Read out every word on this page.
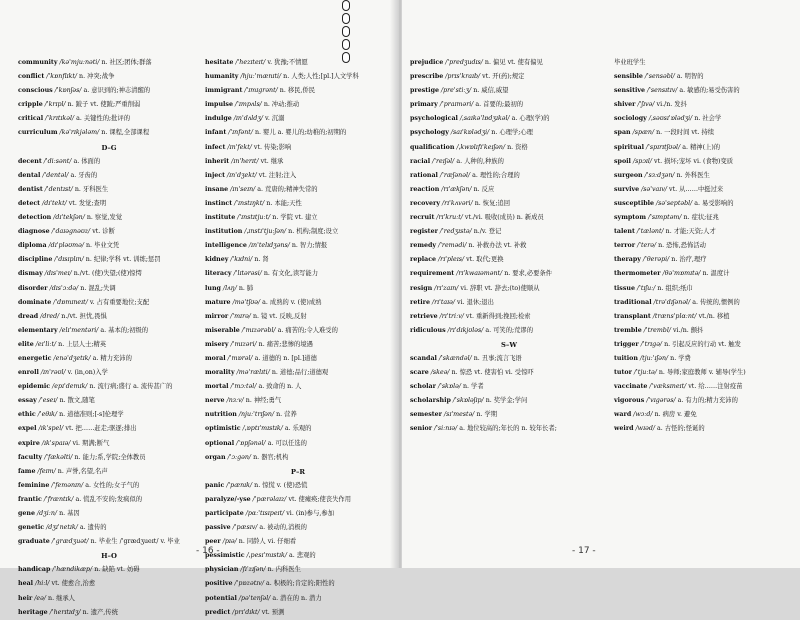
community /kə'mjuːnəti/ n. 社区;团体;群落
conflict /'kɒnflɪkt/ n. 冲突;战争
conscious /'kɒnʃəs/ a. 意识到的;神志清醒的
cripple /'krɪpl/ n. 跛子 vt. 使跛;严重削弱
critical /'krɪtɪkəl/ a. 关键性的;批评的
curriculum /kə'rɪkjələm/ n. 课程,全部课程
D–G
decent /'diːsənt/ a. 体面的
dental /'dentəl/ a. 牙齿的
dentist /'dentɪst/ n. 牙科医生
detect /dɪ'tekt/ vt. 发觉;查明
detection /dɪ'tekʃən/ n. 察觉,发觉
diagnose /'daɪəgnəʊz/ vt. 诊断
diploma /dɪ'pləʊmə/ n. 毕业文凭
discipline /'dɪsɪplɪn/ n. 纪律;学科 vt. 训练;惩罚
dismay /dɪs'meɪ/ n./vt. (使)失望;(使)惊愕
disorder /dɪs'ɔːdə/ n. 混乱;失调
dominate /'dɒmɪneɪt/ v. 占有重要地位;支配
dread /dred/ n./vt. 担忧,畏惧
elementary /elɪ'mentəri/ a. 基本的;初级的
elite /eɪ'liːt/ n. 上层人士;精英
energetic /enə'dʒetɪk/ a. 精力充沛的
enroll /ɪn'rəʊl/ v. (in,on)入学
epidemic /epɪ'demɪk/ n. 流行病;盛行 a. 流传甚广的
essay /'eseɪ/ n. 散文,随笔
ethic /'eθɪk/ n. 道德准则;[-s]伦理学
expel /ɪk'spel/ vt. 把……赶走;驱逐;排出
expire /ɪk'spaɪə/ vi. 期满;断气
faculty /'fækəlti/ n. 能力;系,学院;全体教员
fame /feɪm/ n. 声誉,名望,名声
feminine /'femənɪn/ a. 女性的;女子气的
frantic /'fræntɪk/ a. 慌乱不安的;发疯似的
gene /dʒiːn/ n. 基因
genetic /dʒɪ'netɪk/ a. 遗传的
graduate /'grædʒuət/ n. 毕业生 /'grædʒueɪt/ v. 毕业
H–O
handicap /'hændikæp/ n. 缺陷 vt. 妨碍
heal /hiːl/ vt. 使愈合,治愈
heir /eə/ n. 继承人
heritage /'herɪtɪdʒ/ n. 遗产,传统
hesitate /'hezɪteɪt/ v. 犹豫;不情愿
humanity /hjuː'mænɪti/ n. 人类;人性;[pl.]人文学科
immigrant /'ɪmɪgrənt/ n. 移民,侨民
impulse /'ɪmpʌls/ n. 冲动;推动
indulge /ɪn'dʌldʒ/ v. 沉溺
infant /'ɪnfənt/ n. 婴儿 a. 婴儿的;幼稚的;初期的
infect /ɪn'fekt/ vt. 传染;影响
inherit /ɪn'herɪt/ vt. 继承
inject /ɪn'dʒekt/ vt. 注射;注入
insane /ɪn'seɪn/ a. 荒唐的;精神失常的
instinct /'ɪnstɪŋkt/ n. 本能;天性
institute /'ɪnstɪtjuːt/ n. 学院 vt. 建立
institution /ˌɪnstɪ'tjuːʃən/ n. 机构;制度;设立
intelligence /ɪn'telɪdʒəns/ n. 智力;情报
kidney /'kɪdni/ n. 肾
literacy /'lɪtərəsi/ n. 有文化,读写能力
lung /lʌŋ/ n. 肺
mature /mə'tʃʊə/ a. 成熟的 v. (使)成熟
mirror /'mɪrə/ n. 镜 vt. 反映,反射
miserable /'mɪzərəbl/ a. 痛苦的;令人难受的
misery /'mɪzəri/ n. 痛苦;悲惨的境遇
moral /'mɒrəl/ a. 道德的 n. [pl.]道德
morality /mə'rælɪti/ n. 道德;品行;道德观
mortal /'mɔːtəl/ a. 致命的 n. 人
nerve /nɜːv/ n. 神经;勇气
nutrition /njuː'trɪʃən/ n. 营养
optimistic /ˌɒptɪ'mɪstɪk/ a. 乐观的
optional /'ɒpʃənəl/ a. 可以任选的
organ /'ɔːgən/ n. 器官;机构
P–R
panic /'pænɪk/ n. 惊慌 v. (使)恐慌
paralyze/-yse /'pærəlaɪz/ vt. 使瘫痪;使丧失作用
participate /pɑː'tɪsɪpeɪt/ vi. (in)参与,参加
passive /'pæsɪv/ a. 被动的,消极的
peer /pɪə/ n. 同龄人 vi. 仔细看
pessimistic /ˌpesɪ'mɪstɪk/ a. 悲观的
physician /fɪ'zɪʃən/ n. 内科医生
positive /'pɒzətɪv/ a. 积极的;肯定的;阳性的
potential /pə'tenʃəl/ a. 潜在的 n. 潜力
predict /prɪ'dɪkt/ vt. 预测
- 16 -
prejudice /'predʒudɪs/ n. 偏见 vt. 使有偏见
prescribe /prɪs'kraɪb/ vt. 开(药);规定
prestige /pre'stiːʒ/ n. 威信,威望
primary /'praɪməri/ a. 首要的;最初的
psychological /ˌsaɪkə'lɒdʒɪkəl/ a. 心理(学)的
psychology /saɪ'kɒlədʒi/ n. 心理学;心理
qualification /ˌkwɒlɪfɪ'keɪʃən/ n. 资格
racial /'reɪʃəl/ a. 人种的,种族的
rational /'ræʃənəl/ a. 理性的;合理的
reaction /rɪ'ækʃən/ n. 反应
recovery /rɪ'kʌvəri/ n. 恢复;追回
recruit /rɪ'kruːt/ vt./vi. 吸收(成员) n. 新成员
register /'redʒɪstə/ n./v. 登记
remedy /'remədi/ n. 补救办法 vt. 补救
replace /rɪ'pleɪs/ vt. 取代;更换
requirement /rɪ'kwaɪəmənt/ n. 要求,必要条件
resign /rɪ'zaɪn/ vi. 辞职 vt. 辞去;(to)使顺从
retire /rɪ'taɪə/ vi. 退休;退出
retrieve /rɪ'triːv/ vt. 重新得到;挽回;检索
ridiculous /rɪ'dɪkjʊləs/ a. 可笑的;荒谬的
S–W
scandal /'skændəl/ n. 丑事;流言飞语
scare /skeə/ n. 惊恐 vt. 使害怕 vi. 受惊吓
scholar /'skɒlə/ n. 学者
scholarship /'skɒləʃɪp/ n. 奖学金;学问
semester /sɪ'mestə/ n. 学期
senior /'siːnɪə/ a. 地位较高的;年长的 n. 较年长者;
毕业班学生
sensible /'sensəbl/ a. 明智的
sensitive /'sensɪtɪv/ a. 敏感的;易受伤害的
shiver /'ʃɪvə/ vi./n. 发抖
sociology /ˌsəʊsɪ'ɒlədʒi/ n. 社会学
span /spæn/ n. 一段时间 vt. 持续
spiritual /'spɪrɪtʃʊəl/ a. 精神(上)的
spoil /spɔɪl/ vt. 损坏;宠坏 vi. (食物)变质
surgeon /'sɜːdʒən/ n. 外科医生
survive /sə'vaɪv/ vt. 从……中挺过来
susceptible /sə'septəbl/ a. 易受影响的
symptom /'sɪmptəm/ n. 症状;征兆
talent /'tælənt/ n. 才能;天资;人才
terror /'terə/ n. 恐怖,恐怖活动
therapy /'θerəpi/ n. 治疗,理疗
thermometer /θə'mɒmɪtə/ n. 温度计
tissue /'tɪʃuː/ n. 组织;纸巾
traditional /trə'dɪʃənəl/ a. 传统的,惯例的
transplant /træns'plɑːnt/ vt./n. 移植
tremble /'trembl/ vi./n. 颤抖
trigger /'trɪgə/ n. 引起反应的行动 vt. 触发
tuition /tjuː'ɪʃən/ n. 学费
tutor /'tjuːtə/ n. 导师;家庭教师 v. 辅导(学生)
vaccinate /'væksɪneɪt/ vt. 给……注射疫苗
vigorous /'vɪgərəs/ a. 有力的;精力充沛的
ward /wɔːd/ n. 病房 v. 避免
weird /wɪəd/ a. 古怪的;怪诞的
- 17 -
